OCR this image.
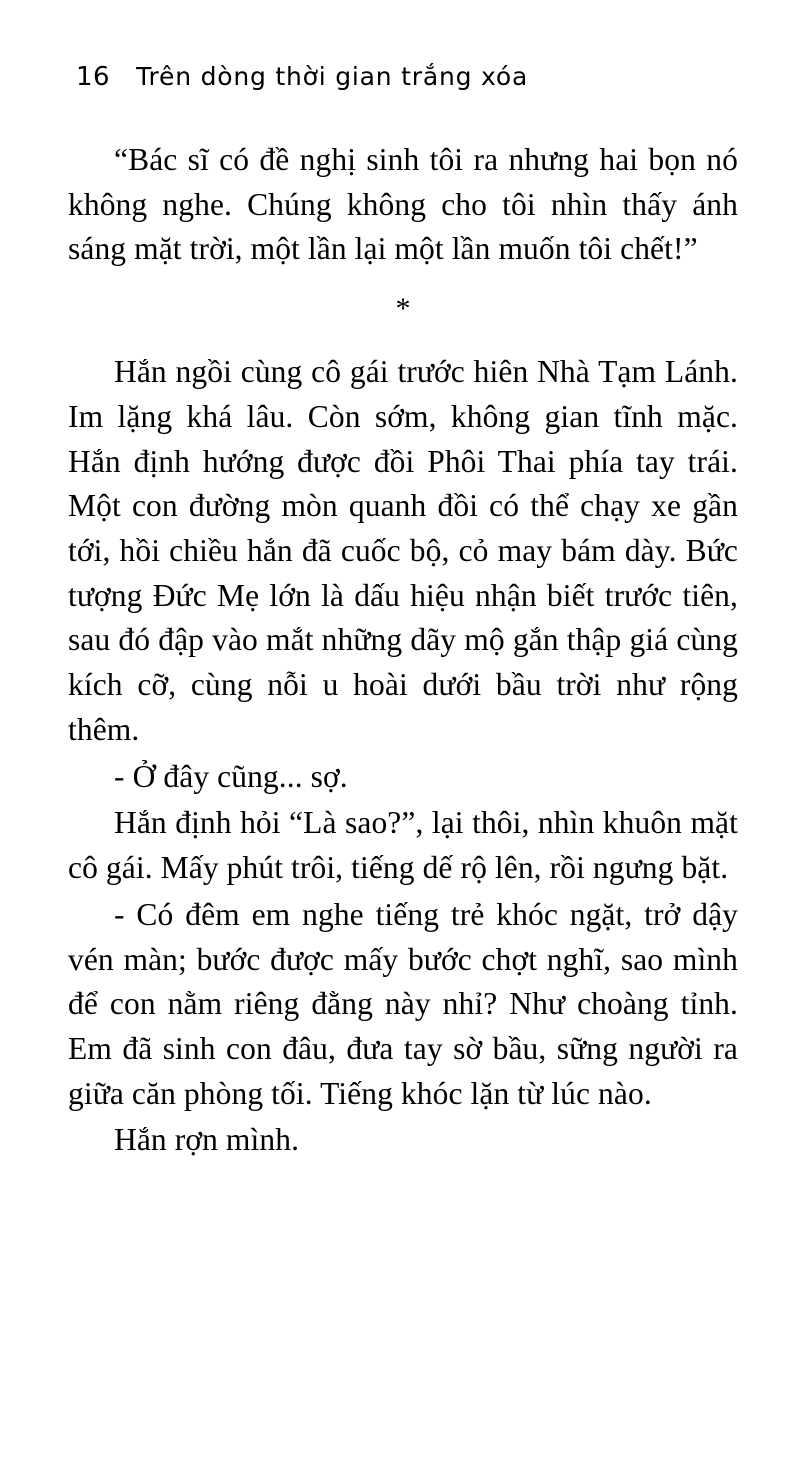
16 Trên dòng thời gian trắng xóa

“Bác sĩ có đề nghị sinh tôi ra nhưng hai bọn nó không nghe. Chúng không cho tôi nhìn thấy ánh sáng mặt trời, một lần lại một lần muốn tôi chết!”

*

Hắn ngồi cùng cô gái trước hiên Nhà Tạm Lánh. Im lặng khá lâu. Còn sớm, không gian tĩnh mặc. Hắn định hướng được đồi Phôi Thai phía tay trái. Một con đường mòn quanh đồi có thể chạy xe gần tới, hồi chiều hắn đã cuốc bộ, cỏ may bám dày. Bức tượng Đức Mẹ lớn là dấu hiệu nhận biết trước tiên, sau đó đập vào mắt những dãy mộ gắn thập giá cùng kích cỡ, cùng nỗi u hoài dưới bầu trời như rộng thêm.

- Ở đây cũng... sợ.

Hắn định hỏi “Là sao?”, lại thôi, nhìn khuôn mặt cô gái. Mấy phút trôi, tiếng dế rộ lên, rồi ngưng bặt.

- Có đêm em nghe tiếng trẻ khóc ngặt, trở dậy vén màn; bước được mấy bước chợt nghĩ, sao mình để con nằm riêng đằng này nhỉ? Như choàng tỉnh. Em đã sinh con đâu, đưa tay sờ bầu, sững người ra giữa căn phòng tối. Tiếng khóc lặn từ lúc nào.

Hắn rợn mình.
